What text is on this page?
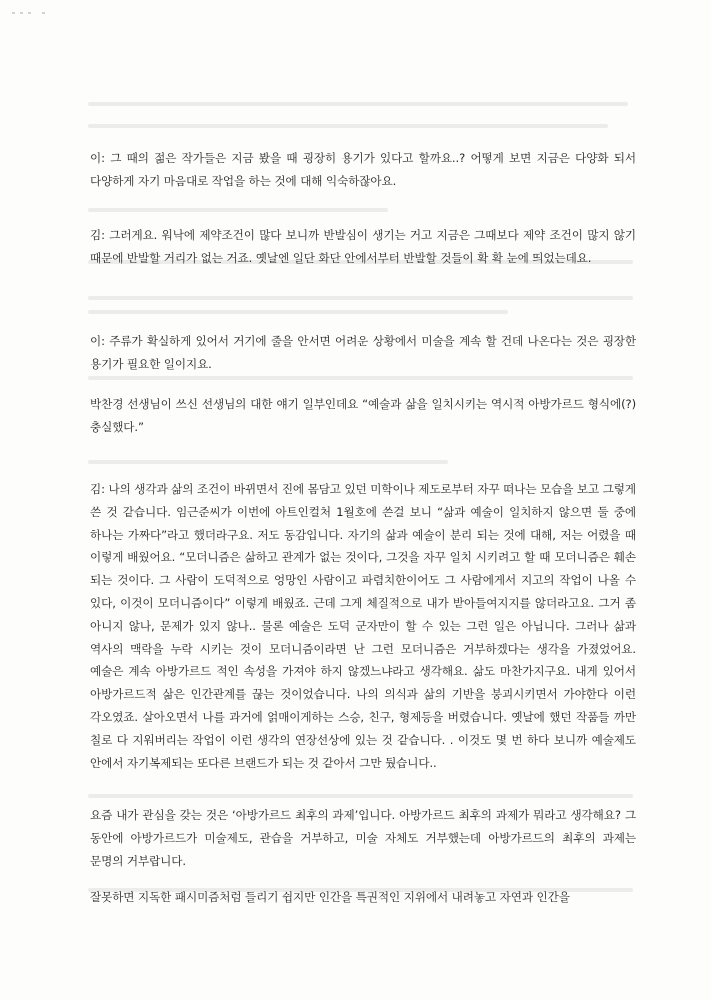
이: 그 때의 젊은 작가들은 지금 봤을 때 굉장히 용기가 있다고 할까요..? 어떻게 보면 지금은 다양화 되서 다양하게 자기 마음대로 작업을 하는 것에 대해 익숙하잖아요.

김: 그러게요. 워낙에 제약조건이 많다 보니까 반발심이 생기는 거고 지금은 그때보다 제약 조건이 많지 않기 때문에 반발할 거리가 없는 거죠. 옛날엔 일단 화단 안에서부터 반발할 것들이 확 확 눈에 띄었는데요.

이: 주류가 확실하게 있어서 거기에 줄을 안서면 어려운 상황에서 미술을 계속 할 건데 나온다는 것은 굉장한 용기가 필요한 일이지요.

박찬경 선생님이 쓰신 선생님의 대한 얘기 일부인데요 “예술과 삶을 일치시키는 역시적 아방가르드 형식에(?) 충실했다.”

김: 나의 생각과 삶의 조건이 바뀌면서 진에 몸담고 있던 미학이나 제도로부터 자꾸 떠나는 모습을 보고 그렇게 쓴 것 같습니다. 임근준씨가 이번에 아트인컬처 1월호에 쓴걸 보니 “삶과 예술이 일치하지 않으면 둘 중에 하나는 가짜다”라고 했더라구요. 저도 동감입니다. 자기의 삶과 예술이 분리 되는 것에 대해, 저는 어렸을 때 이렇게 배웠어요. “모더니즘은 삶하고 관계가 없는 것이다, 그것을 자꾸 일치 시키려고 할 때 모더니즘은 훼손 되는 것이다. 그 사람이 도덕적으로 엉망인 사람이고 파렴치한이어도 그 사람에게서 지고의 작업이 나올 수 있다, 이것이 모더니즘이다” 이렇게 배웠죠. 근데 그게 체질적으로 내가 받아들여지지를 않더라고요. 그거 좀 아니지 않나, 문제가 있지 않나.. 물론 예술은 도덕 군자만이 할 수 있는 그런 일은 아닙니다. 그러나 삶과 역사의 맥락을 누락 시키는 것이 모더니즘이라면 난 그런 모더니즘은 거부하겠다는 생각을 가졌었어요. 예술은 계속 아방가르드 적인 속성을 가져야 하지 않겠느냐라고 생각해요. 삶도 마찬가지구요. 내게 있어서 아방가르드적 삶은 인간관계를 끊는 것이었습니다. 나의 의식과 삶의 기반을 붕괴시키면서 가야한다 이런 각오였죠. 살아오면서 나를 과거에 얽매이게하는 스승, 친구, 형제등을 버렸습니다. 옛날에 했던 작품들 까만 칠로 다 지워버리는 작업이 이런 생각의 연장선상에 있는 것 같습니다. . 이것도 몇 번 하다 보니까 예술제도 안에서 자기복제되는 또다른 브랜드가 되는 것 같아서 그만 뒀습니다..

요즘 내가 관심을 갖는 것은 ‘아방가르드 최후의 과제’입니다. 아방가르드 최후의 과제가 뭐라고 생각해요? 그 동안에 아방가르드가 미술제도, 관습을 거부하고, 미술 자체도 거부했는데 아방가르드의 최후의 과제는 문명의 거부랍니다.

잘못하면 지독한 패시미즘처럼 들리기 쉽지만 인간을 특권적인 지위에서 내려놓고 자연과 인간을
